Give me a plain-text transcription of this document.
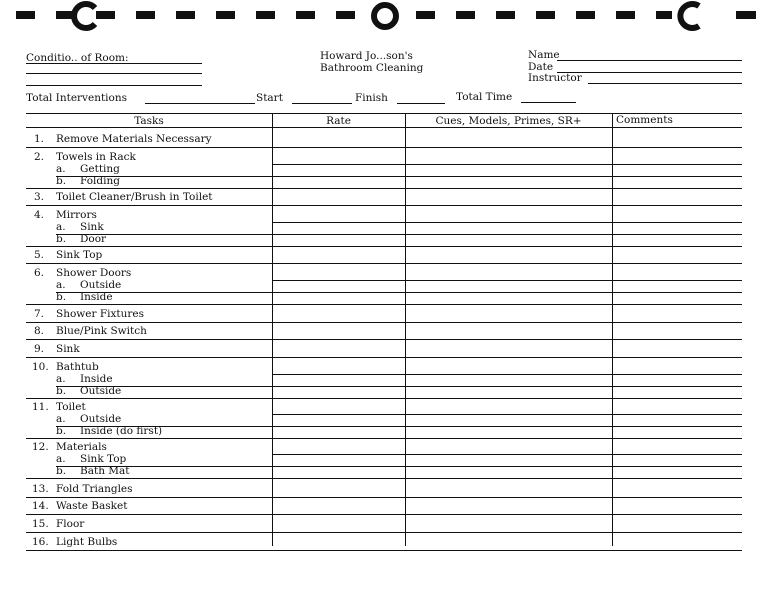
Conditio.. of Room:	Howard Jo...son's
Bathroom Cleaning
Name
Date
Instructor
Total Interventions	Start	Finish	Total Time
Tasks	Rate	Cues, Models, Primes, SR+	Comments
1. Remove Materials Necessary
2. Towels in Rack
a. Getting
b. Folding
3. Toilet Cleaner/Brush in Toilet
4. Mirrors
a. Sink
b. Door
5. Sink Top
6. Shower Doors
a. Outside
b. Inside
7. Shower Fixtures
8. Blue/Pink Switch
9. Sink
10. Bathtub
a. Inside
b. Outside
11. Toilet
a. Outside
b. Inside (do first)
12. Materials
a. Sink Top
b. Bath Mat
13. Fold Triangles
14. Waste Basket
15. Floor
16. Light Bulbs
